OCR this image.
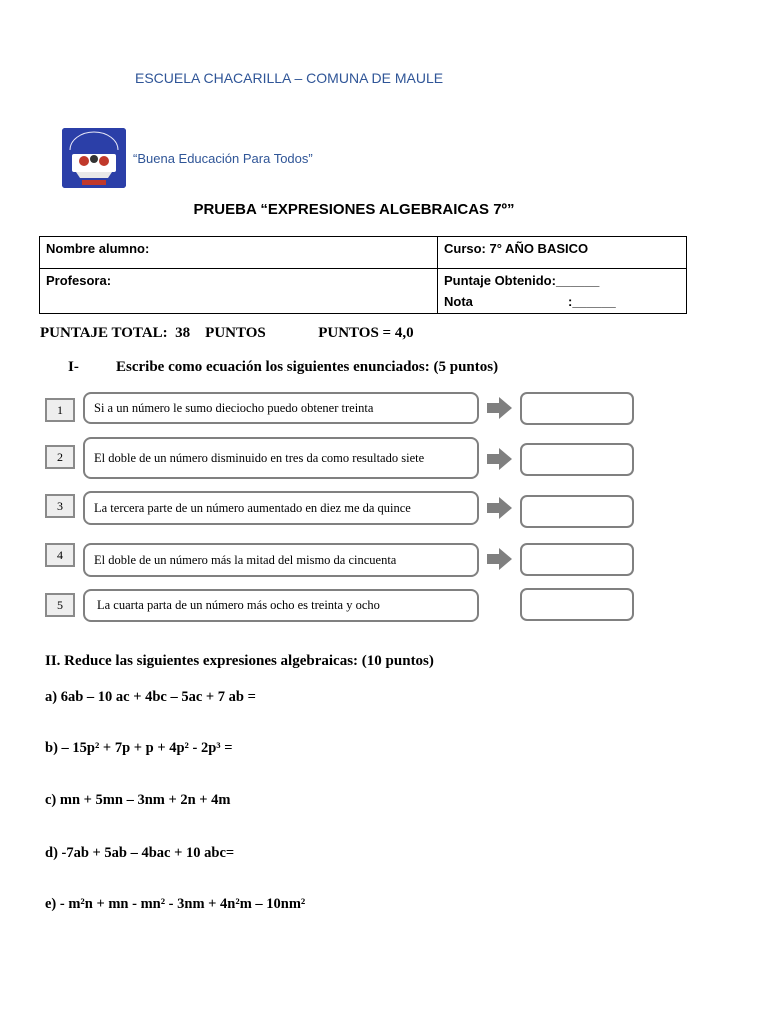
ESCUELA CHACARILLA – COMUNA DE MAULE
“Buena Educación Para Todos”
PRUEBA “EXPRESIONES ALGEBRAICAS 7º”
Nombre alumno:	Curso: 7° AÑO BASICO
Profesora:	Puntaje Obtenido:______
Nota :______
PUNTAJE TOTAL:  38    PUNTOS              PUNTOS = 4,0
I- Escribe como ecuación los siguientes enunciados: (5 puntos)
1 Si a un número le sumo dieciocho puedo obtener treinta
2 El doble de un número disminuido en tres da como resultado siete
3 La tercera parte de un número aumentado en diez me da quince
4 El doble de un número más la mitad del mismo da cincuenta
5	La cuarta parta de un número más ocho es treinta y ocho
II. Reduce las siguientes expresiones algebraicas: (10 puntos)
a) 6ab – 10 ac + 4bc – 5ac + 7 ab =
b) – 15p² + 7p + p + 4p² - 2p³ =
c) mn + 5mn – 3nm + 2n + 4m
d) -7ab + 5ab – 4bac + 10 abc=
e) - m²n + mn - mn² - 3nm + 4n²m – 10nm²
